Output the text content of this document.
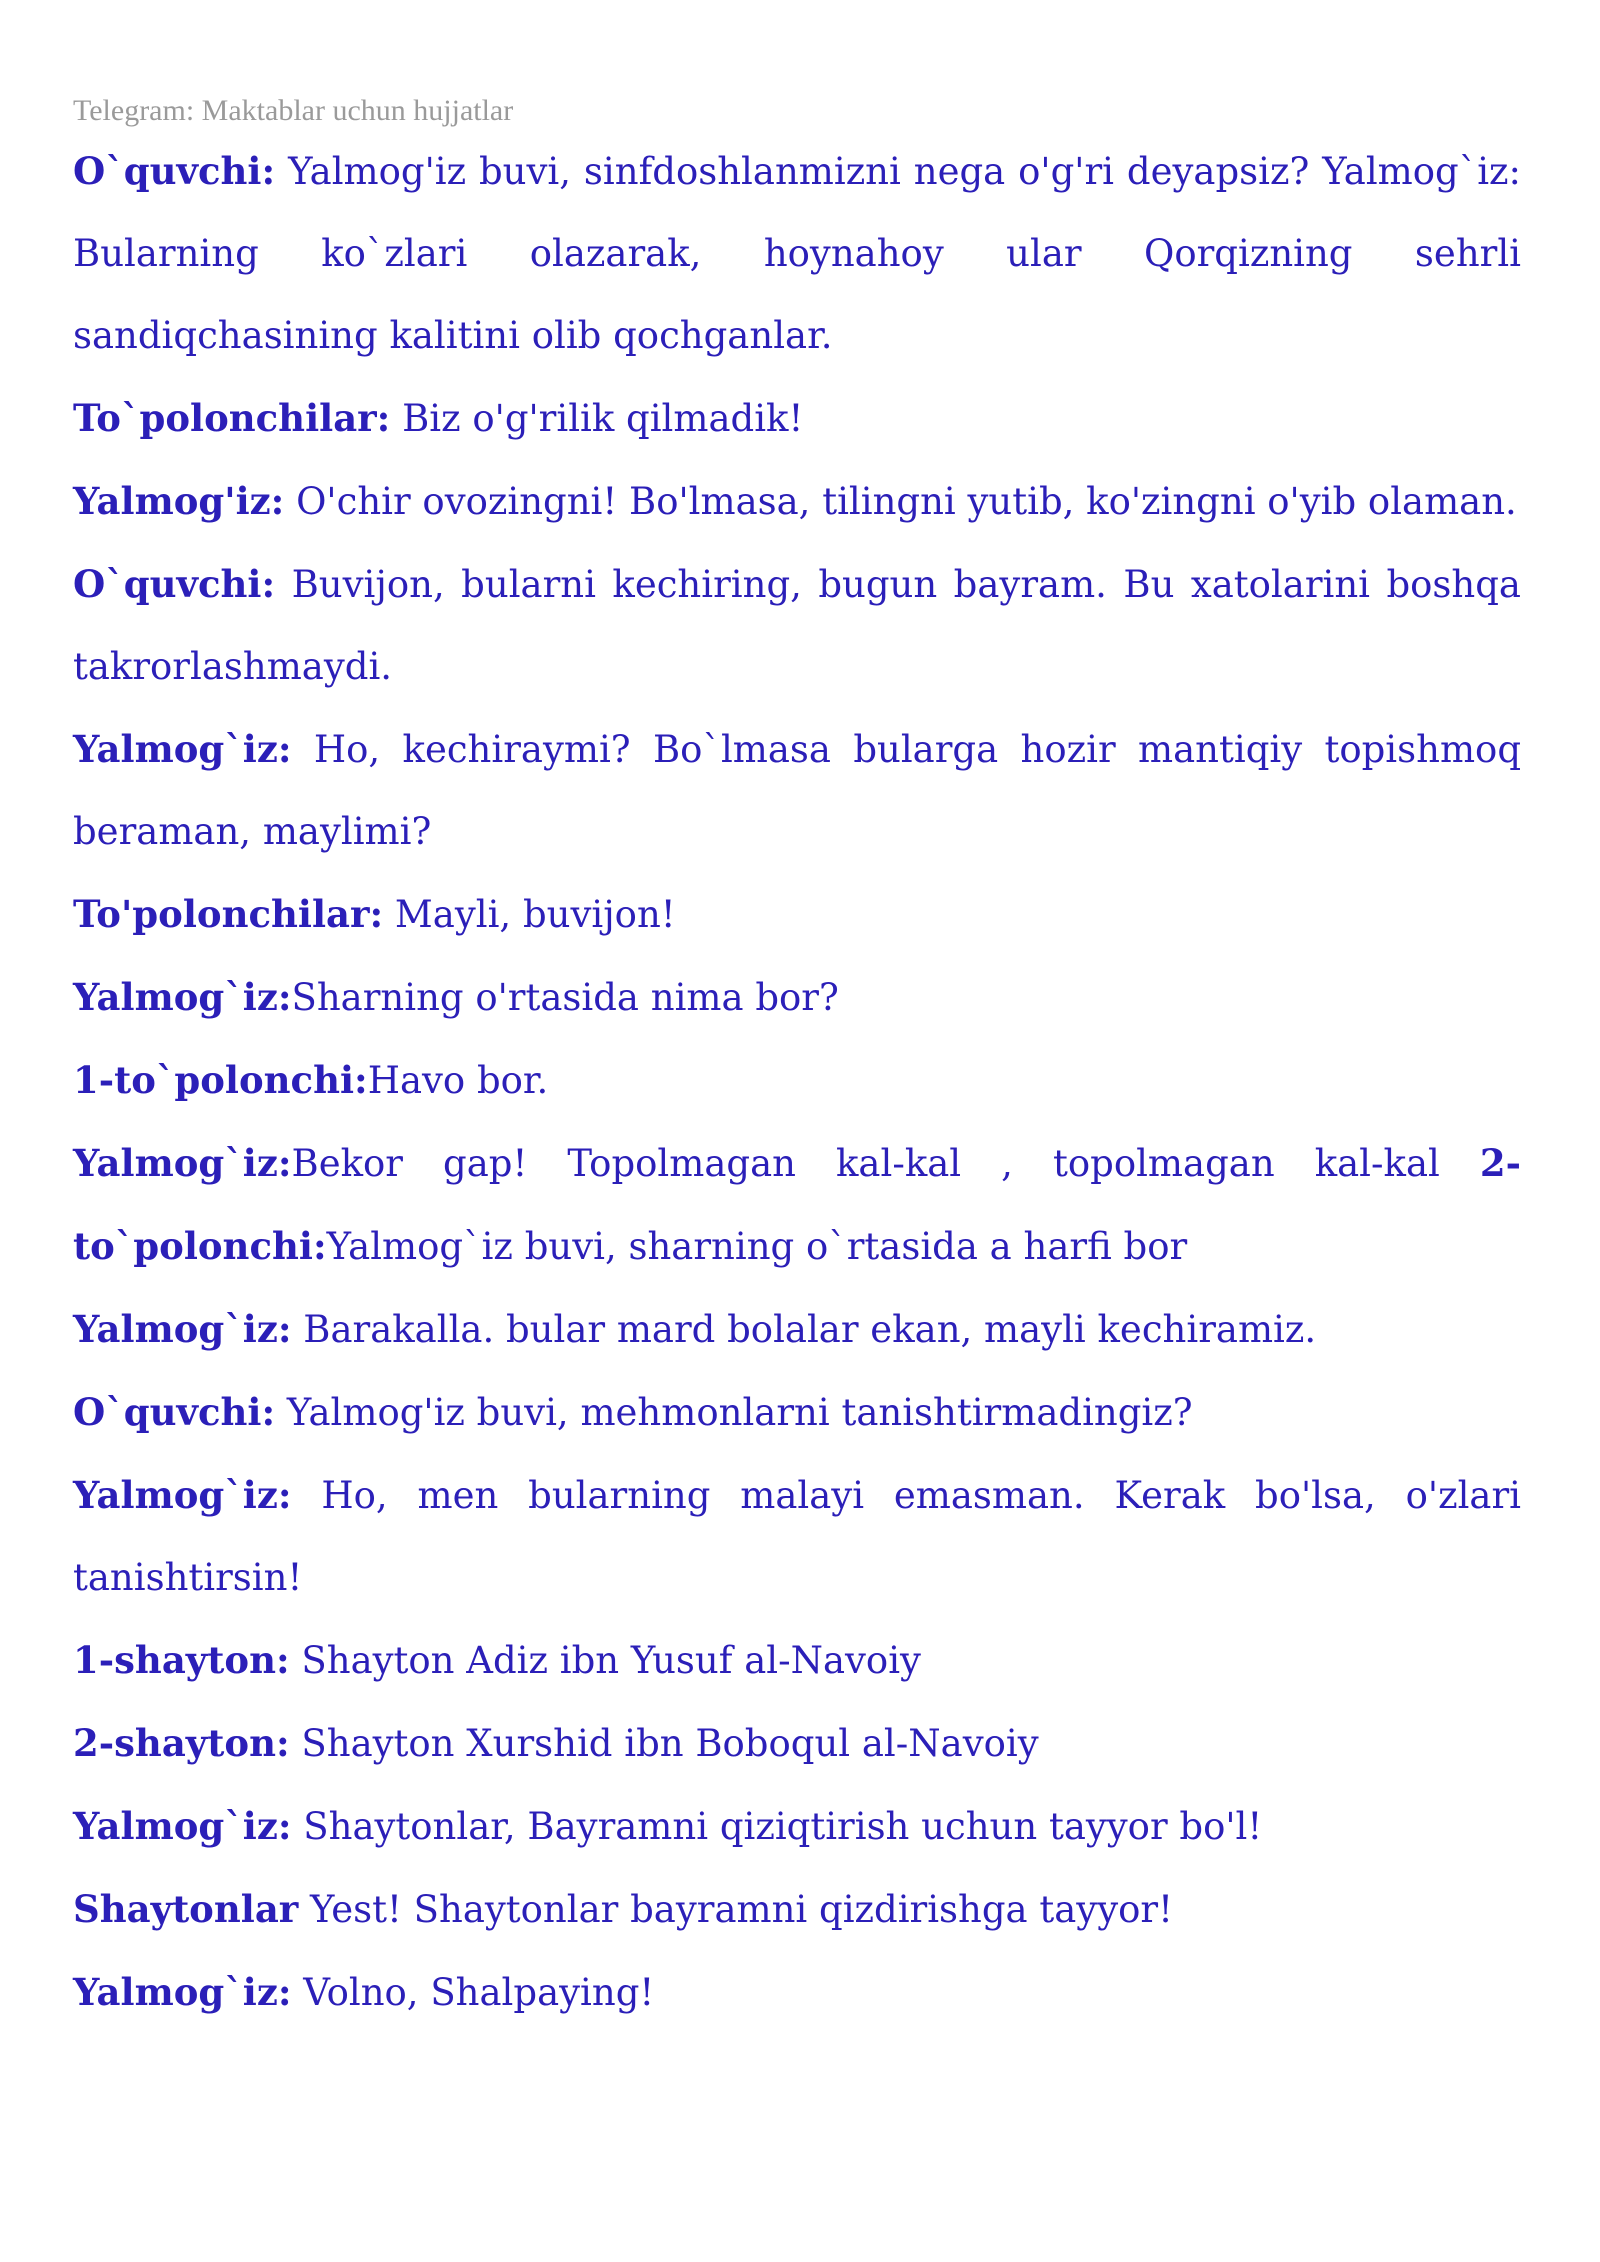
Telegram: Maktablar uchun hujjatlar

O`quvchi: Yalmog'iz buvi, sinfdoshlanmizni nega o'g'ri deyapsiz? Yalmog`iz: Bularning ko`zlari olazarak, hoynahoy ular Qorqizning sehrli sandiqchasining kalitini olib qochganlar.

To`polonchilar: Biz o'g'rilik qilmadik!

Yalmog'iz: O'chir ovozingni! Bo'lmasa, tilingni yutib, ko'zingni o'yib olaman.

O`quvchi: Buvijon, bularni kechiring, bugun bayram. Bu xatolarini boshqa takrorlashmaydi.

Yalmog`iz: Ho, kechiraymi? Bo`lmasa bularga hozir mantiqiy topishmoq beraman, maylimi?

To'polonchilar: Mayli, buvijon!

Yalmog`iz:Sharning o'rtasida nima bor?

1-to`polonchi:Havo bor.

Yalmog`iz:Bekor gap! Topolmagan kal-kal , topolmagan kal-kal 2-to`polonchi:Yalmog`iz buvi, sharning o`rtasida a harfi bor

Yalmog`iz: Barakalla. bular mard bolalar ekan, mayli kechiramiz.

O`quvchi: Yalmog'iz buvi, mehmonlarni tanishtirmadingiz?

Yalmog`iz: Ho, men bularning malayi emasman. Kerak bo'lsa, o'zlari tanishtirsin!

1-shayton: Shayton Adiz ibn Yusuf al-Navoiy

2-shayton: Shayton Xurshid ibn Boboqul al-Navoiy

Yalmog`iz: Shaytonlar, Bayramni qiziqtirish uchun tayyor bo'l!

Shaytonlar Yest! Shaytonlar bayramni qizdirishga tayyor!

Yalmog`iz: Volno, Shalpaying!
